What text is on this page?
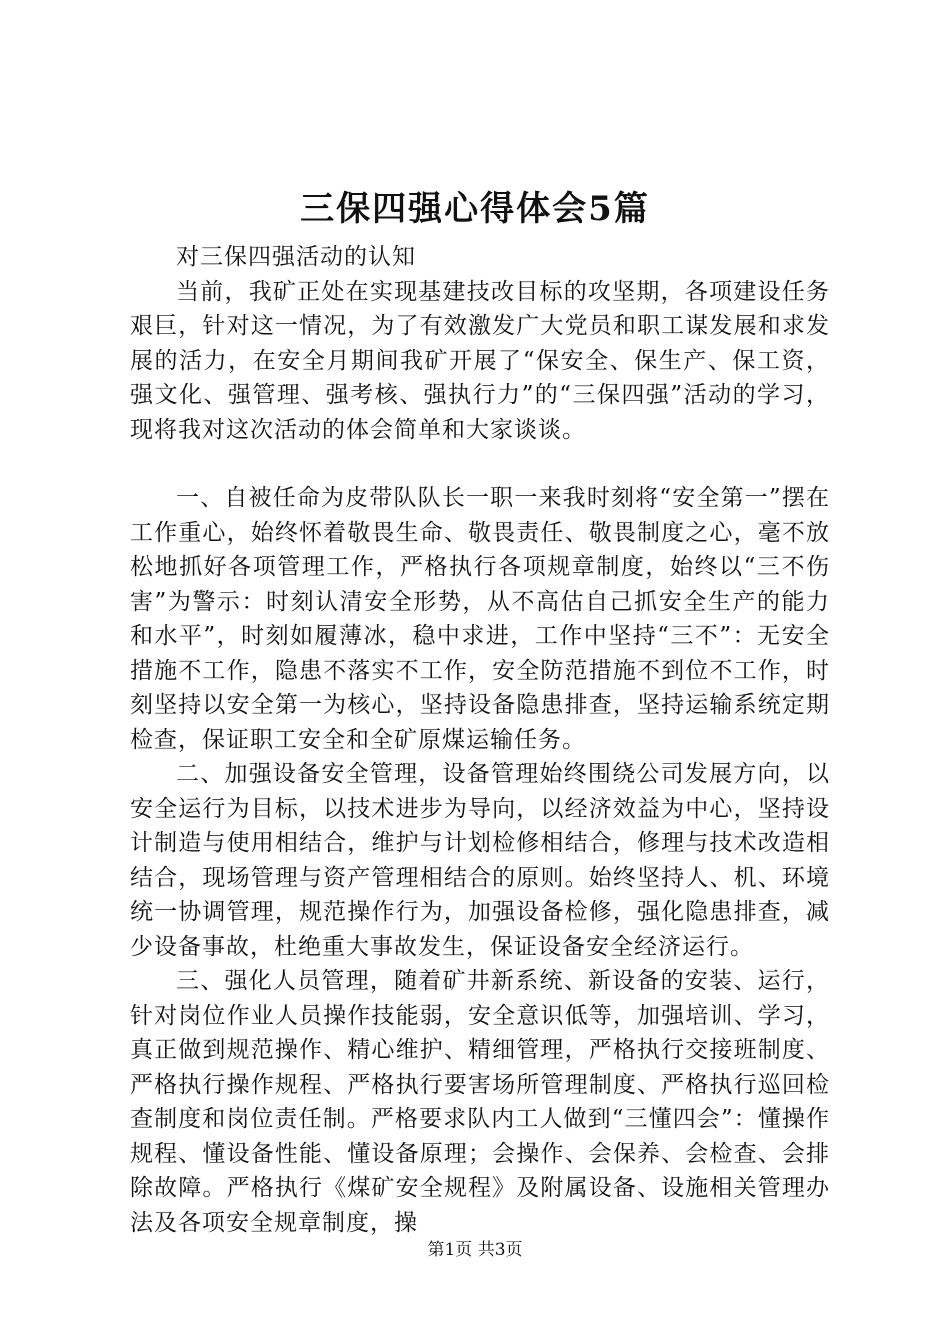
三保四强心得体会5篇

对三保四强活动的认知

当前，我矿正处在实现基建技改目标的攻坚期，各项建设任务艰巨，针对这一情况，为了有效激发广大党员和职工谋发展和求发展的活力，在安全月期间我矿开展了“保安全、保生产、保工资，强文化、强管理、强考核、强执行力”的“三保四强”活动的学习，现将我对这次活动的体会简单和大家谈谈。

一、自被任命为皮带队队长一职一来我时刻将“安全第一”摆在工作重心，始终怀着敬畏生命、敬畏责任、敬畏制度之心，毫不放松地抓好各项管理工作，严格执行各项规章制度，始终以“三不伤害”为警示：时刻认清安全形势，从不高估自己抓安全生产的能力和水平”，时刻如履薄冰，稳中求进，工作中坚持“三不”：无安全措施不工作，隐患不落实不工作，安全防范措施不到位不工作，时刻坚持以安全第一为核心，坚持设备隐患排查，坚持运输系统定期检查，保证职工安全和全矿原煤运输任务。

二、加强设备安全管理，设备管理始终围绕公司发展方向，以安全运行为目标，以技术进步为导向，以经济效益为中心，坚持设计制造与使用相结合，维护与计划检修相结合，修理与技术改造相结合，现场管理与资产管理相结合的原则。始终坚持人、机、环境统一协调管理，规范操作行为，加强设备检修，强化隐患排查，减少设备事故，杜绝重大事故发生，保证设备安全经济运行。

三、强化人员管理，随着矿井新系统、新设备的安装、运行，针对岗位作业人员操作技能弱，安全意识低等，加强培训、学习，真正做到规范操作、精心维护、精细管理，严格执行交接班制度、严格执行操作规程、严格执行要害场所管理制度、严格执行巡回检查制度和岗位责任制。严格要求队内工人做到“三懂四会”：懂操作规程、懂设备性能、懂设备原理；会操作、会保养、会检查、会排除故障。严格执行《煤矿安全规程》及附属设备、设施相关管理办法及各项安全规章制度，操

第1页 共3页
